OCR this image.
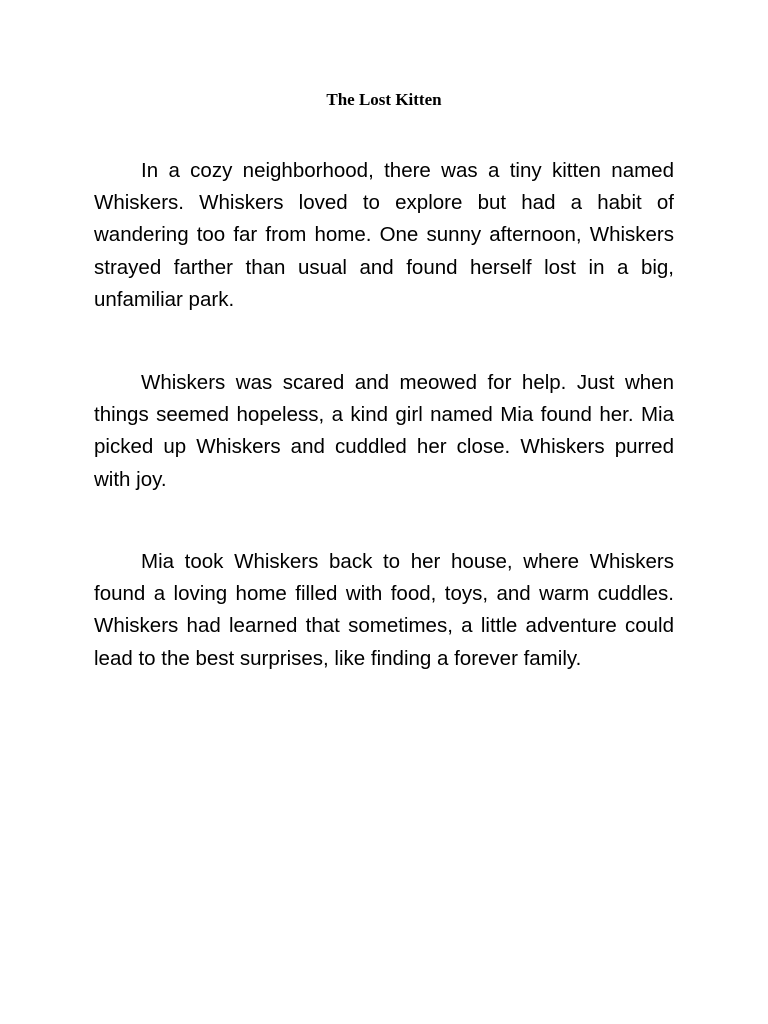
The Lost Kitten

In a cozy neighborhood, there was a tiny kitten named Whiskers. Whiskers loved to explore but had a habit of wandering too far from home. One sunny afternoon, Whiskers strayed farther than usual and found herself lost in a big, unfamiliar park.

Whiskers was scared and meowed for help. Just when things seemed hopeless, a kind girl named Mia found her. Mia picked up Whiskers and cuddled her close. Whiskers purred with joy.

Mia took Whiskers back to her house, where Whiskers found a loving home filled with food, toys, and warm cuddles. Whiskers had learned that sometimes, a little adventure could lead to the best surprises, like finding a forever family.
